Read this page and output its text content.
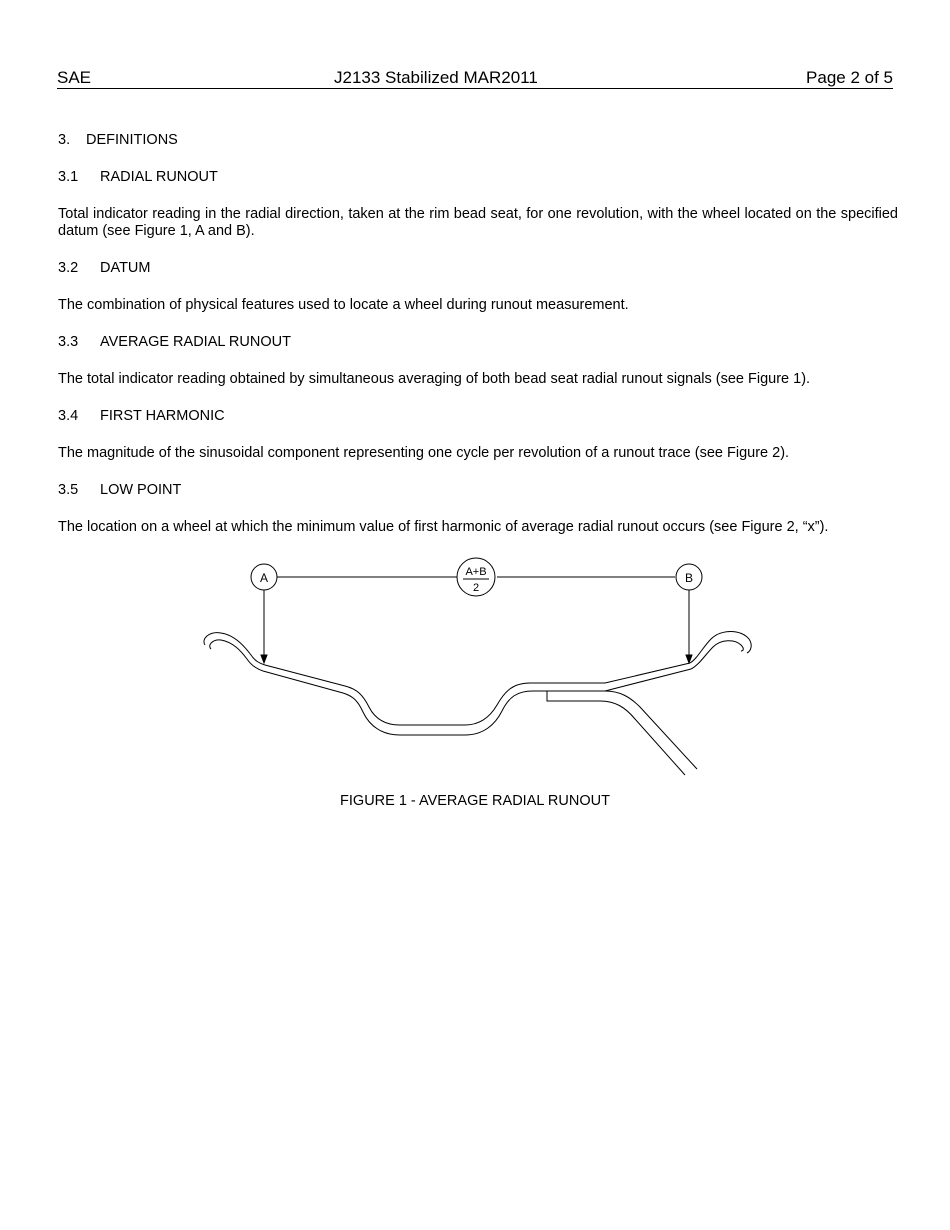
SAE	J2133 Stabilized MAR2011	Page 2 of 5
3. DEFINITIONS
3.1 RADIAL RUNOUT
Total indicator reading in the radial direction, taken at the rim bead seat, for one revolution, with the wheel located on the specified datum (see Figure 1, A and B).
3.2 DATUM
The combination of physical features used to locate a wheel during runout measurement.
3.3 AVERAGE RADIAL RUNOUT
The total indicator reading obtained by simultaneous averaging of both bead seat radial runout signals (see Figure 1).
3.4 FIRST HARMONIC
The magnitude of the sinusoidal component representing one cycle per revolution of a runout trace (see Figure 2).
3.5 LOW POINT
The location on a wheel at which the minimum value of first harmonic of average radial runout occurs (see Figure 2, “x”).
A	A+B
2
B
FIGURE 1 - AVERAGE RADIAL RUNOUT
